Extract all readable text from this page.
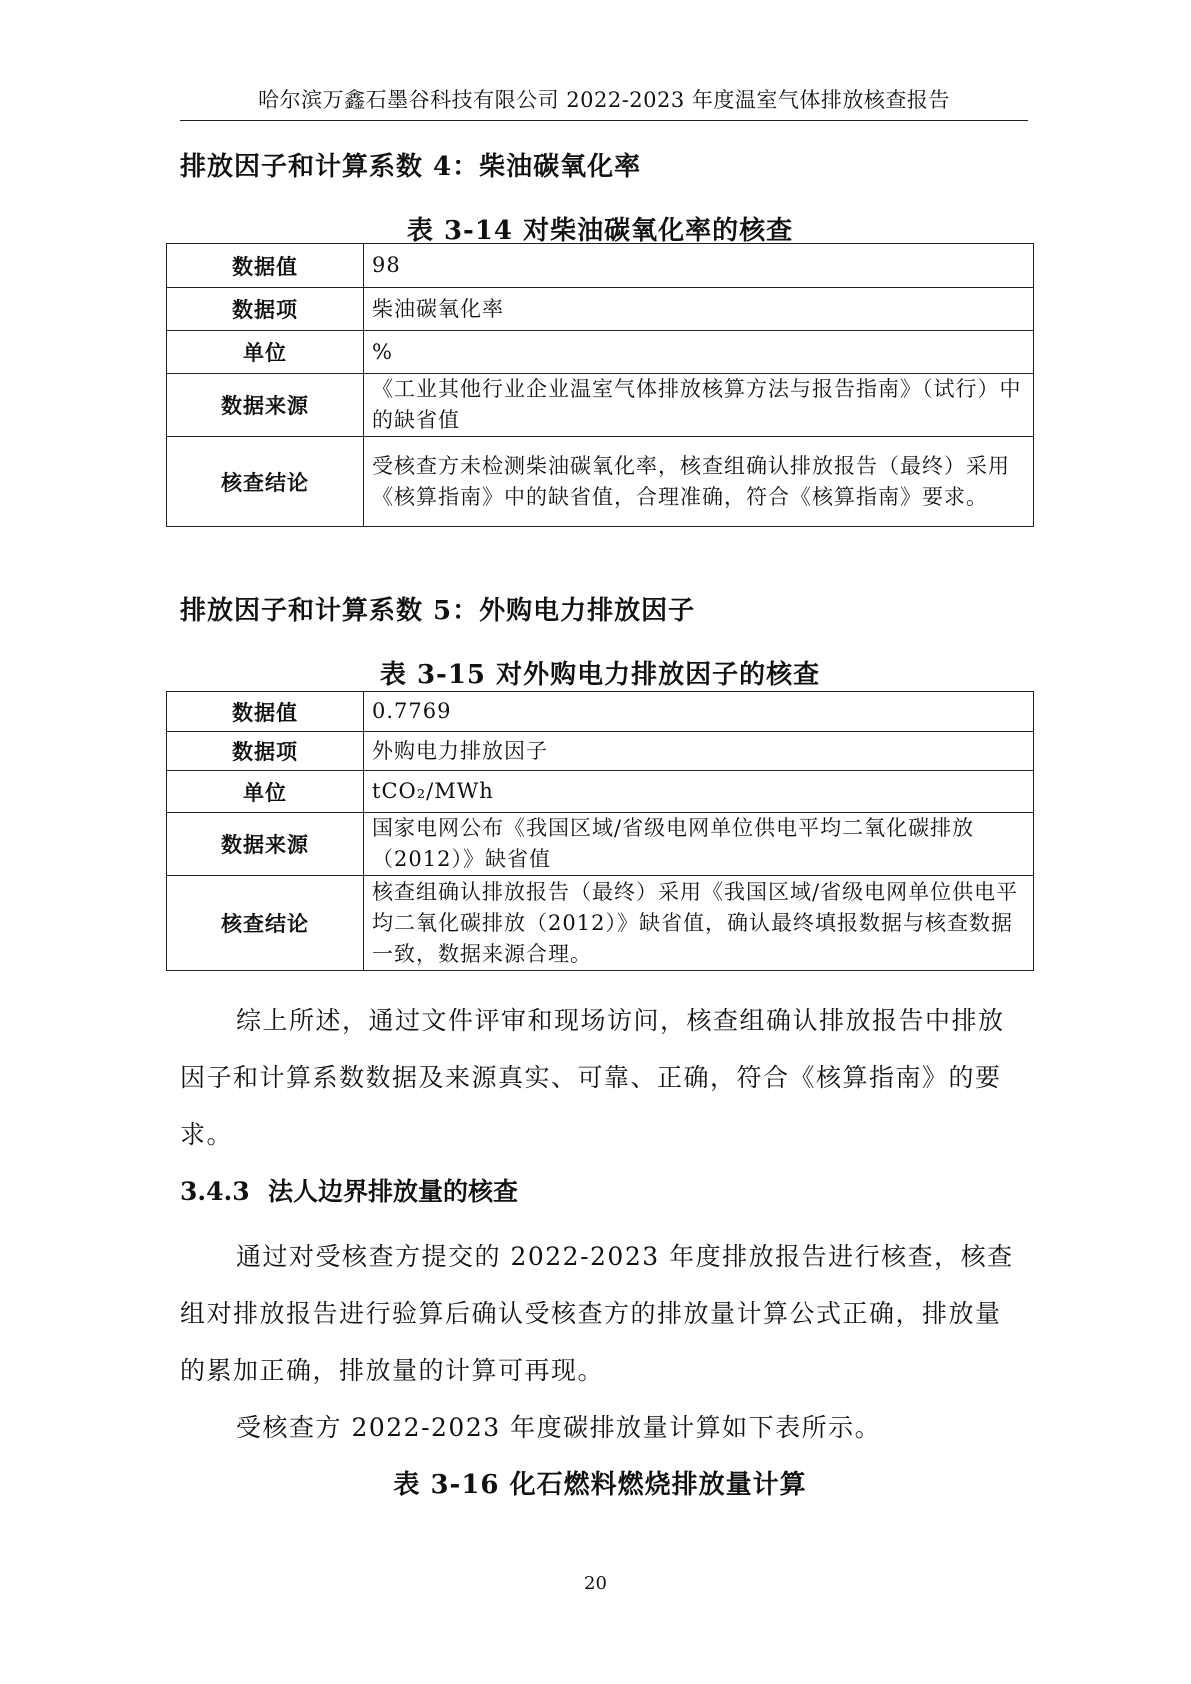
哈尔滨万鑫石墨谷科技有限公司 2022-2023 年度温室气体排放核查报告
排放因子和计算系数 4：柴油碳氧化率
表 3-14 对柴油碳氧化率的核查
数据值	98
数据项	柴油碳氧化率
单位	%
数据来源	《工业其他行业企业温室气体排放核算方法与报告指南》（试行）中的缺省值
核查结论	受核查方未检测柴油碳氧化率，核查组确认排放报告（最终）采用《核算指南》中的缺省值，合理准确，符合《核算指南》要求。
排放因子和计算系数 5：外购电力排放因子
表 3-15 对外购电力排放因子的核查
数据值	0.7769
数据项	外购电力排放因子
单位	tCO₂/MWh
数据来源	国家电网公布《我国区域/省级电网单位供电平均二氧化碳排放（2012）》缺省值
核查结论	核查组确认排放报告（最终）采用《我国区域/省级电网单位供电平均二氧化碳排放（2012）》缺省值，确认最终填报数据与核查数据一致，数据来源合理。
综上所述，通过文件评审和现场访问，核查组确认排放报告中排放因子和计算系数数据及来源真实、可靠、正确，符合《核算指南》的要求。
3.4.3 法人边界排放量的核查
通过对受核查方提交的 2022-2023 年度排放报告进行核查，核查组对排放报告进行验算后确认受核查方的排放量计算公式正确，排放量的累加正确，排放量的计算可再现。
受核查方 2022-2023 年度碳排放量计算如下表所示。
表 3-16 化石燃料燃烧排放量计算
20
